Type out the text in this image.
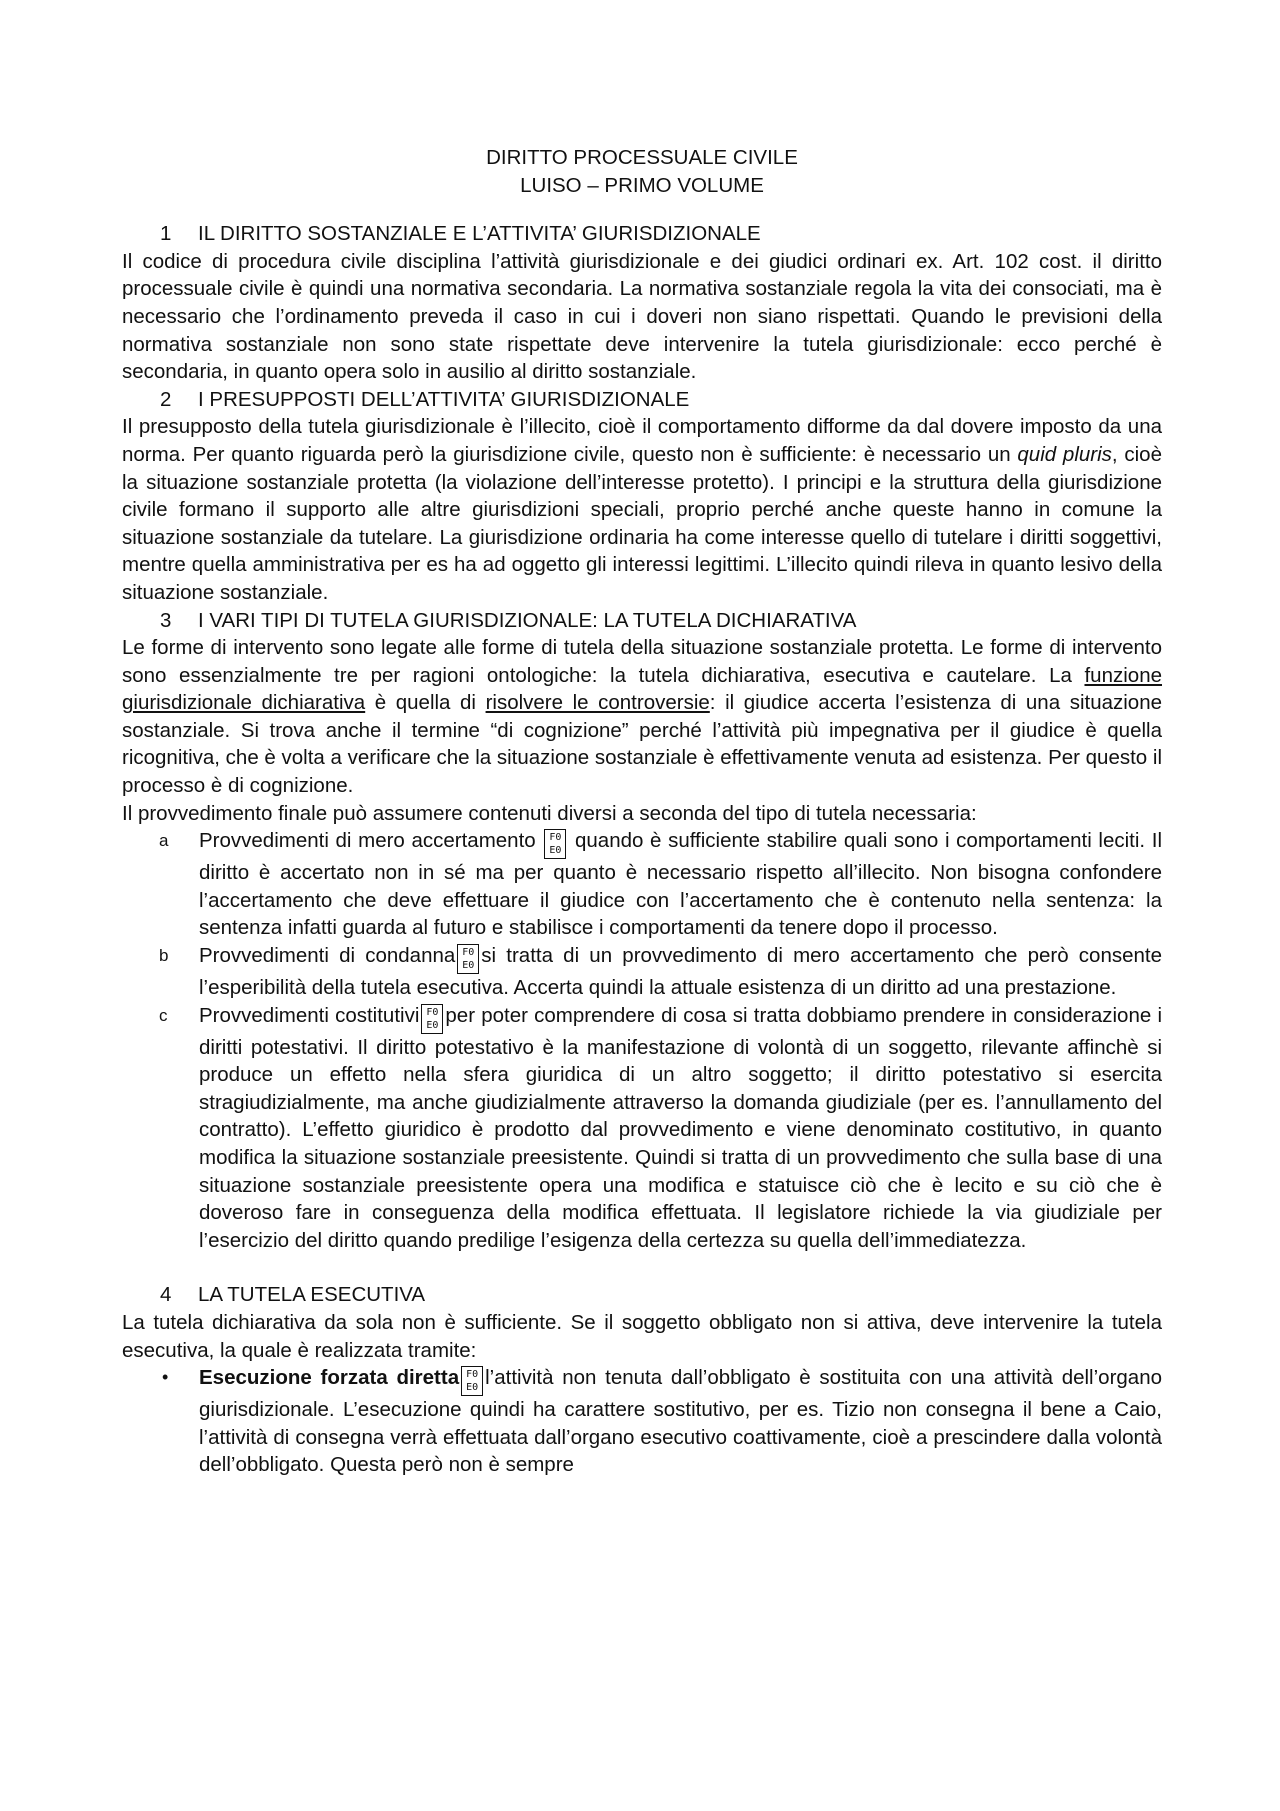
DIRITTO PROCESSUALE CIVILE
LUISO – PRIMO VOLUME
1 IL DIRITTO SOSTANZIALE E L’ATTIVITA’ GIURISDIZIONALE

Il codice di procedura civile disciplina l’attività giurisdizionale e dei giudici ordinari ex. Art. 102 cost. il diritto processuale civile è quindi una normativa secondaria. La normativa sostanziale regola la vita dei consociati, ma è necessario che l’ordinamento preveda il caso in cui i doveri non siano rispettati. Quando le previsioni della normativa sostanziale non sono state rispettate deve intervenire la tutela giurisdizionale: ecco perché è secondaria, in quanto opera solo in ausilio al diritto sostanziale.

2 I PRESUPPOSTI DELL’ATTIVITA’ GIURISDIZIONALE

Il presupposto della tutela giurisdizionale è l’illecito, cioè il comportamento difforme da dal dovere imposto da una norma. Per quanto riguarda però la giurisdizione civile, questo non è sufficiente: è necessario un quid pluris, cioè la situazione sostanziale protetta (la violazione dell’interesse protetto). I principi e la struttura della giurisdizione civile formano il supporto alle altre giurisdizioni speciali, proprio perché anche queste hanno in comune la situazione sostanziale da tutelare. La giurisdizione ordinaria ha come interesse quello di tutelare i diritti soggettivi, mentre quella amministrativa per es ha ad oggetto gli interessi legittimi. L’illecito quindi rileva in quanto lesivo della situazione sostanziale.

3 I VARI TIPI DI TUTELA GIURISDIZIONALE: LA TUTELA DICHIARATIVA

Le forme di intervento sono legate alle forme di tutela della situazione sostanziale protetta. Le forme di intervento sono essenzialmente tre per ragioni ontologiche: la tutela dichiarativa, esecutiva e cautelare. La funzione giurisdizionale dichiarativa è quella di risolvere le controversie: il giudice accerta l’esistenza di una situazione sostanziale. Si trova anche il termine “di cognizione” perché l’attività più impegnativa per il giudice è quella ricognitiva, che è volta a verificare che la situazione sostanziale è effettivamente venuta ad esistenza. Per questo il processo è di cognizione.

Il provvedimento finale può assumere contenuti diversi a seconda del tipo di tutela necessaria:

a Provvedimenti di mero accertamento F0
E0 quando è sufficiente stabilire quali sono i comportamenti leciti. Il diritto è accertato non in sé ma per quanto è necessario rispetto all’illecito. Non bisogna confondere l’accertamento che deve effettuare il giudice con l’accertamento che è contenuto nella sentenza: la sentenza infatti guarda al futuro e stabilisce i comportamenti da tenere dopo il processo.
b Provvedimenti di condanna F0
E0 si tratta di un provvedimento di mero accertamento che però consente l’esperibilità della tutela esecutiva. Accerta quindi la attuale esistenza di un diritto ad una prestazione.
c Provvedimenti costitutivi F0
E0 per poter comprendere di cosa si tratta dobbiamo prendere in considerazione i diritti potestativi. Il diritto potestativo è la manifestazione di volontà di un soggetto, rilevante affinchè si produce un effetto nella sfera giuridica di un altro soggetto; il diritto potestativo si esercita stragiudizialmente, ma anche giudizialmente attraverso la domanda giudiziale (per es. l’annullamento del contratto). L’effetto giuridico è prodotto dal provvedimento e viene denominato costitutivo, in quanto modifica la situazione sostanziale preesistente. Quindi si tratta di un provvedimento che sulla base di una situazione sostanziale preesistente opera una modifica e statuisce ciò che è lecito e su ciò che è doveroso fare in conseguenza della modifica effettuata. Il legislatore richiede la via giudiziale per l’esercizio del diritto quando predilige l’esigenza della certezza su quella dell’immediatezza.
4 LA TUTELA ESECUTIVA

La tutela dichiarativa da sola non è sufficiente. Se il soggetto obbligato non si attiva, deve intervenire la tutela esecutiva, la quale è realizzata tramite:

• Esecuzione forzata diretta F0
E0 l’attività non tenuta dall’obbligato è sostituita con una attività dell’organo giurisdizionale. L’esecuzione quindi ha carattere sostitutivo, per es. Tizio non consegna il bene a Caio, l’attività di consegna verrà effettuata dall’organo esecutivo coattivamente, cioè a prescindere dalla volontà dell’obbligato. Questa però non è sempre
